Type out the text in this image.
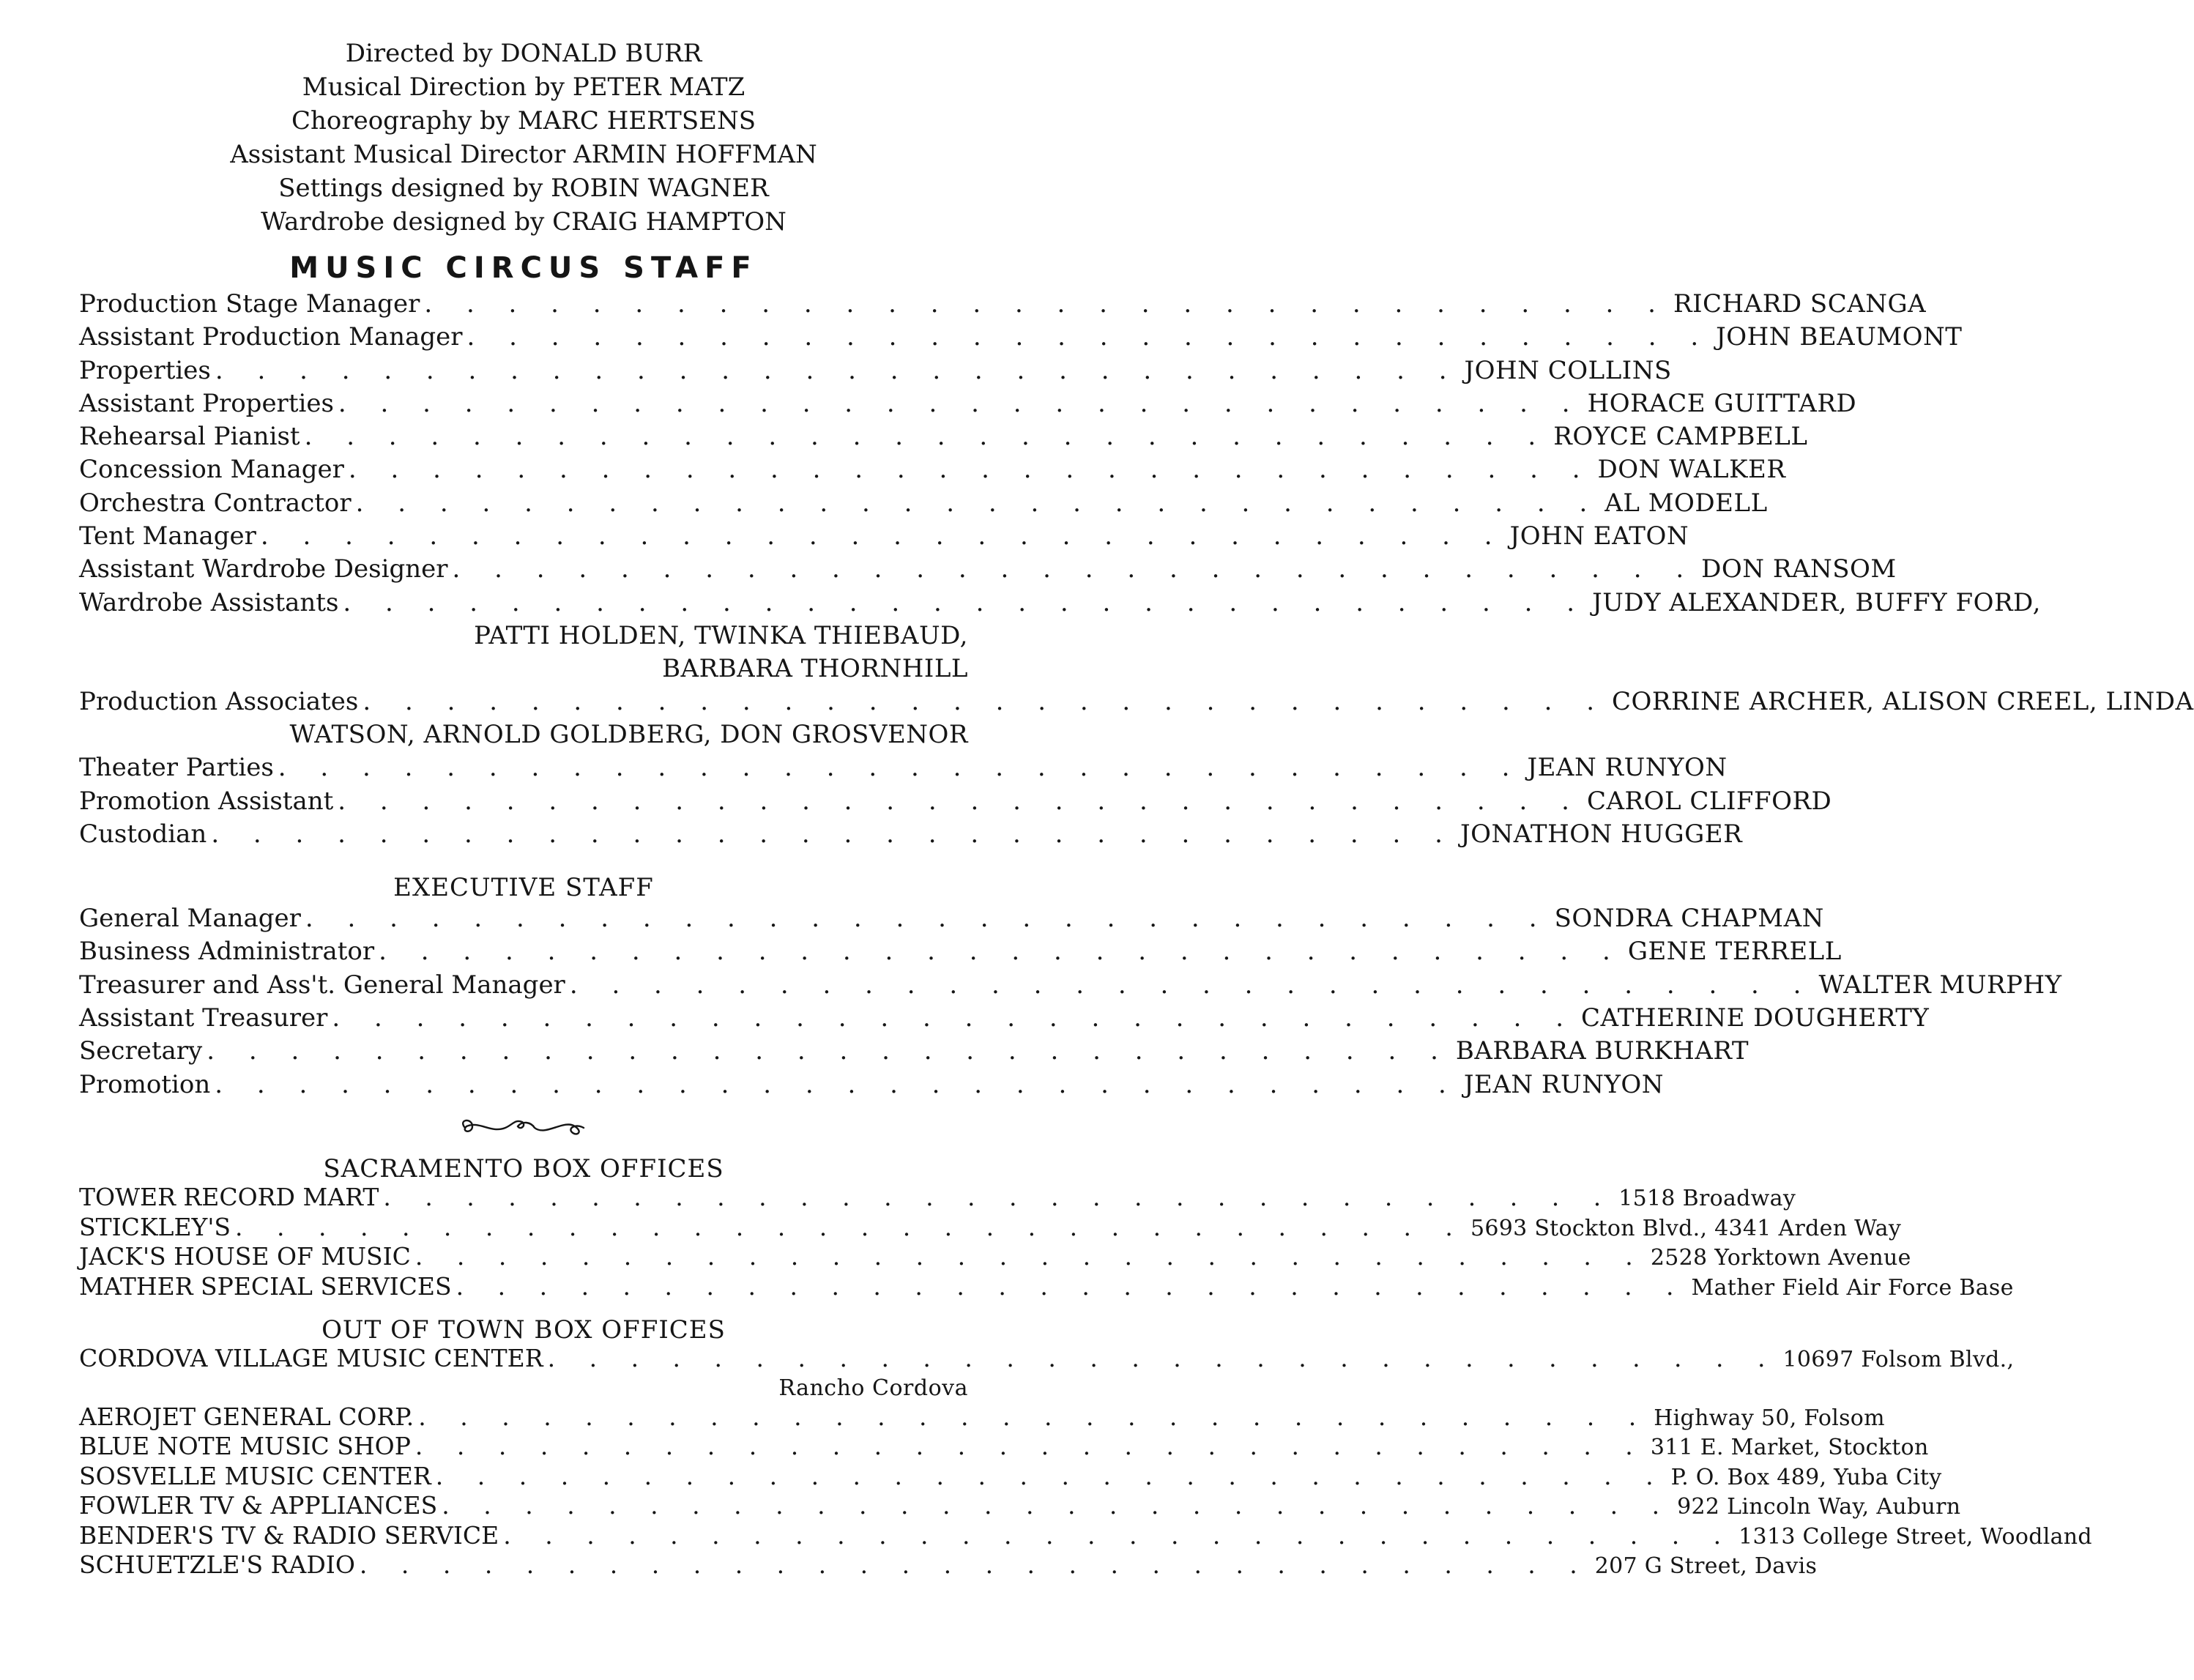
Directed by DONALD BURR
Musical Direction by PETER MATZ
Choreography by MARC HERTSENS
Assistant Musical Director ARMIN HOFFMAN
Settings designed by ROBIN WAGNER
Wardrobe designed by CRAIG HAMPTON
MUSIC CIRCUS STAFF
Production Stage Manager . . . . . . . . . . . . . . . . . . . . . . . . . . . . . . RICHARD SCANGA
Assistant Production Manager . . . . . . . . . . . . . . . . . . . . . . . . . . . . . . JOHN BEAUMONT
Properties . . . . . . . . . . . . . . . . . . . . . . . . . . . . . . JOHN COLLINS
Assistant Properties . . . . . . . . . . . . . . . . . . . . . . . . . . . . . . HORACE GUITTARD
Rehearsal Pianist . . . . . . . . . . . . . . . . . . . . . . . . . . . . . . ROYCE CAMPBELL
Concession Manager . . . . . . . . . . . . . . . . . . . . . . . . . . . . . . DON WALKER
Orchestra Contractor . . . . . . . . . . . . . . . . . . . . . . . . . . . . . . AL MODELL
Tent Manager . . . . . . . . . . . . . . . . . . . . . . . . . . . . . . JOHN EATON
Assistant Wardrobe Designer . . . . . . . . . . . . . . . . . . . . . . . . . . . . . . DON RANSOM
Wardrobe Assistants . . . . . . . . . . . . . . . . . . . . . . . . . . . . . . JUDY ALEXANDER, BUFFY FORD,
PATTI HOLDEN, TWINKA THIEBAUD,
BARBARA THORNHILL
Production Associates . . . . . . . . . . . . . . . . . . . . . . . . . . . . . . CORRINE ARCHER, ALISON CREEL, LINDA
WATSON, ARNOLD GOLDBERG, DON GROSVENOR
Theater Parties . . . . . . . . . . . . . . . . . . . . . . . . . . . . . . JEAN RUNYON
Promotion Assistant . . . . . . . . . . . . . . . . . . . . . . . . . . . . . . CAROL CLIFFORD
Custodian . . . . . . . . . . . . . . . . . . . . . . . . . . . . . . JONATHON HUGGER
EXECUTIVE STAFF
General Manager . . . . . . . . . . . . . . . . . . . . . . . . . . . . . . SONDRA CHAPMAN
Business Administrator . . . . . . . . . . . . . . . . . . . . . . . . . . . . . . GENE TERRELL
Treasurer and Ass't. General Manager . . . . . . . . . . . . . . . . . . . . . . . . . . . . . . WALTER MURPHY
Assistant Treasurer . . . . . . . . . . . . . . . . . . . . . . . . . . . . . . CATHERINE DOUGHERTY
Secretary . . . . . . . . . . . . . . . . . . . . . . . . . . . . . . BARBARA BURKHART
Promotion . . . . . . . . . . . . . . . . . . . . . . . . . . . . . . JEAN RUNYON
SACRAMENTO BOX OFFICES
TOWER RECORD MART . . . . . . . . . . . . . . . . . . . . . . . . . . . . . . 1518 Broadway
STICKLEY'S . . . . . . . . . . . . . . . . . . . . . . . . . . . . . . 5693 Stockton Blvd., 4341 Arden Way
JACK'S HOUSE OF MUSIC . . . . . . . . . . . . . . . . . . . . . . . . . . . . . . 2528 Yorktown Avenue
MATHER SPECIAL SERVICES . . . . . . . . . . . . . . . . . . . . . . . . . . . . . . Mather Field Air Force Base
OUT OF TOWN BOX OFFICES
CORDOVA VILLAGE MUSIC CENTER . . . . . . . . . . . . . . . . . . . . . . . . . . . . . . 10697 Folsom Blvd.,
Rancho Cordova
AEROJET GENERAL CORP. . . . . . . . . . . . . . . . . . . . . . . . . . . . . . . Highway 50, Folsom
BLUE NOTE MUSIC SHOP . . . . . . . . . . . . . . . . . . . . . . . . . . . . . . 311 E. Market, Stockton
SOSVELLE MUSIC CENTER . . . . . . . . . . . . . . . . . . . . . . . . . . . . . . P. O. Box 489, Yuba City
FOWLER TV & APPLIANCES . . . . . . . . . . . . . . . . . . . . . . . . . . . . . . 922 Lincoln Way, Auburn
BENDER'S TV & RADIO SERVICE . . . . . . . . . . . . . . . . . . . . . . . . . . . . . . 1313 College Street, Woodland
SCHUETZLE'S RADIO . . . . . . . . . . . . . . . . . . . . . . . . . . . . . . 207 G Street, Davis
